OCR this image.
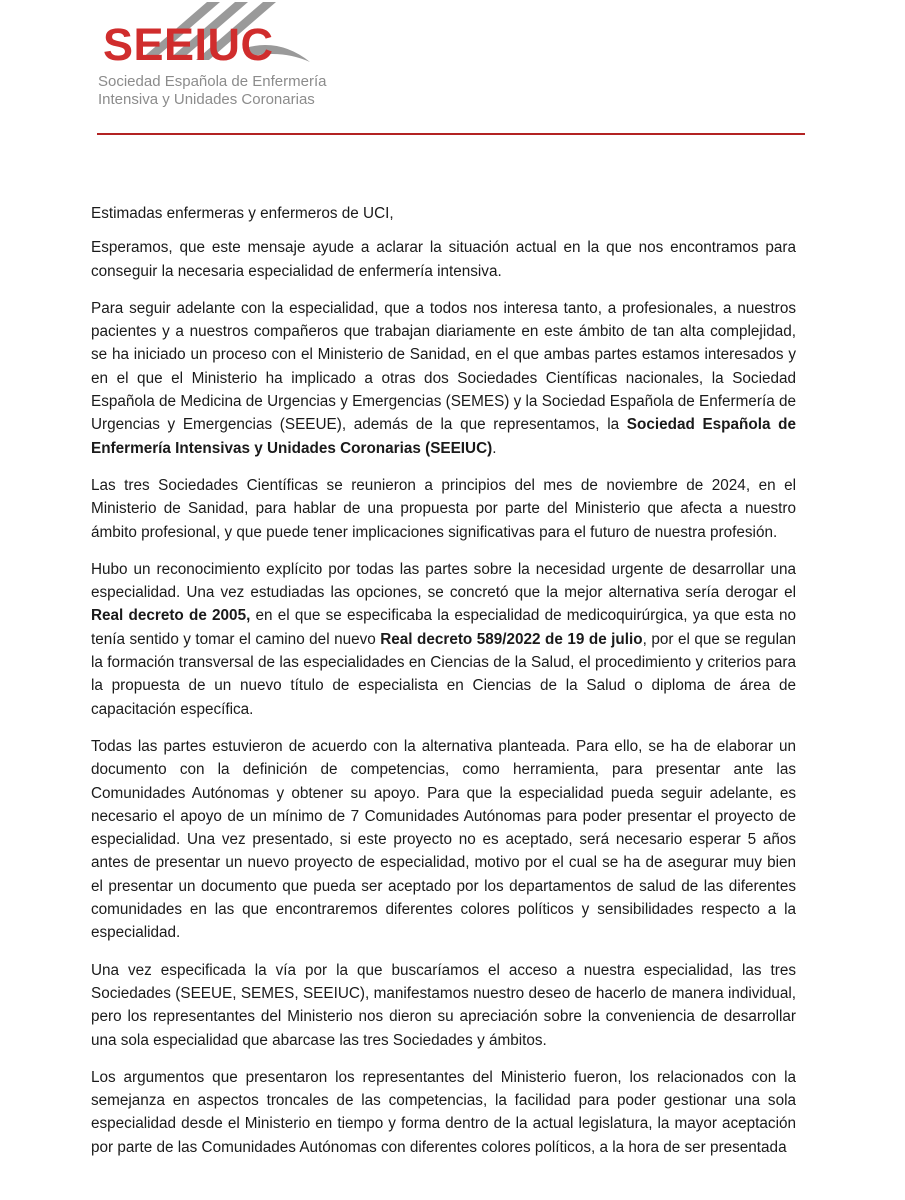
SEEIUC
Sociedad Española de Enfermería
Intensiva y Unidades Coronarias

Estimadas enfermeras y enfermeros de UCI,

Esperamos, que este mensaje ayude a aclarar la situación actual en la que nos encontramos para conseguir la necesaria especialidad de enfermería intensiva.

Para seguir adelante con la especialidad, que a todos nos interesa tanto, a profesionales, a nuestros pacientes y a nuestros compañeros que trabajan diariamente en este ámbito de tan alta complejidad, se ha iniciado un proceso con el Ministerio de Sanidad, en el que ambas partes estamos interesados y en el que el Ministerio ha implicado a otras dos Sociedades Científicas nacionales, la Sociedad Española de Medicina de Urgencias y Emergencias (SEMES) y la Sociedad Española de Enfermería de Urgencias y Emergencias (SEEUE), además de la que representamos, la Sociedad Española de Enfermería Intensivas y Unidades Coronarias (SEEIUC).

Las tres Sociedades Científicas se reunieron a principios del mes de noviembre de 2024, en el Ministerio de Sanidad, para hablar de una propuesta por parte del Ministerio que afecta a nuestro ámbito profesional, y que puede tener implicaciones significativas para el futuro de nuestra profesión.

Hubo un reconocimiento explícito por todas las partes sobre la necesidad urgente de desarrollar una especialidad. Una vez estudiadas las opciones, se concretó que la mejor alternativa sería derogar el Real decreto de 2005, en el que se especificaba la especialidad de medicoquirúrgica, ya que esta no tenía sentido y tomar el camino del nuevo Real decreto 589/2022 de 19 de julio, por el que se regulan la formación transversal de las especialidades en Ciencias de la Salud, el procedimiento y criterios para la propuesta de un nuevo título de especialista en Ciencias de la Salud o diploma de área de capacitación específica.

Todas las partes estuvieron de acuerdo con la alternativa planteada. Para ello, se ha de elaborar un documento con la definición de competencias, como herramienta, para presentar ante las Comunidades Autónomas y obtener su apoyo. Para que la especialidad pueda seguir adelante, es necesario el apoyo de un mínimo de 7 Comunidades Autónomas para poder presentar el proyecto de especialidad. Una vez presentado, si este proyecto no es aceptado, será necesario esperar 5 años antes de presentar un nuevo proyecto de especialidad, motivo por el cual se ha de asegurar muy bien el presentar un documento que pueda ser aceptado por los departamentos de salud de las diferentes comunidades en las que encontraremos diferentes colores políticos y sensibilidades respecto a la especialidad.

Una vez especificada la vía por la que buscaríamos el acceso a nuestra especialidad, las tres Sociedades (SEEUE, SEMES, SEEIUC), manifestamos nuestro deseo de hacerlo de manera individual, pero los representantes del Ministerio nos dieron su apreciación sobre la conveniencia de desarrollar una sola especialidad que abarcase las tres Sociedades y ámbitos.

Los argumentos que presentaron los representantes del Ministerio fueron, los relacionados con la semejanza en aspectos troncales de las competencias, la facilidad para poder gestionar una sola especialidad desde el Ministerio en tiempo y forma dentro de la actual legislatura, la mayor aceptación por parte de las Comunidades Autónomas con diferentes colores políticos, a la hora de ser presentada
